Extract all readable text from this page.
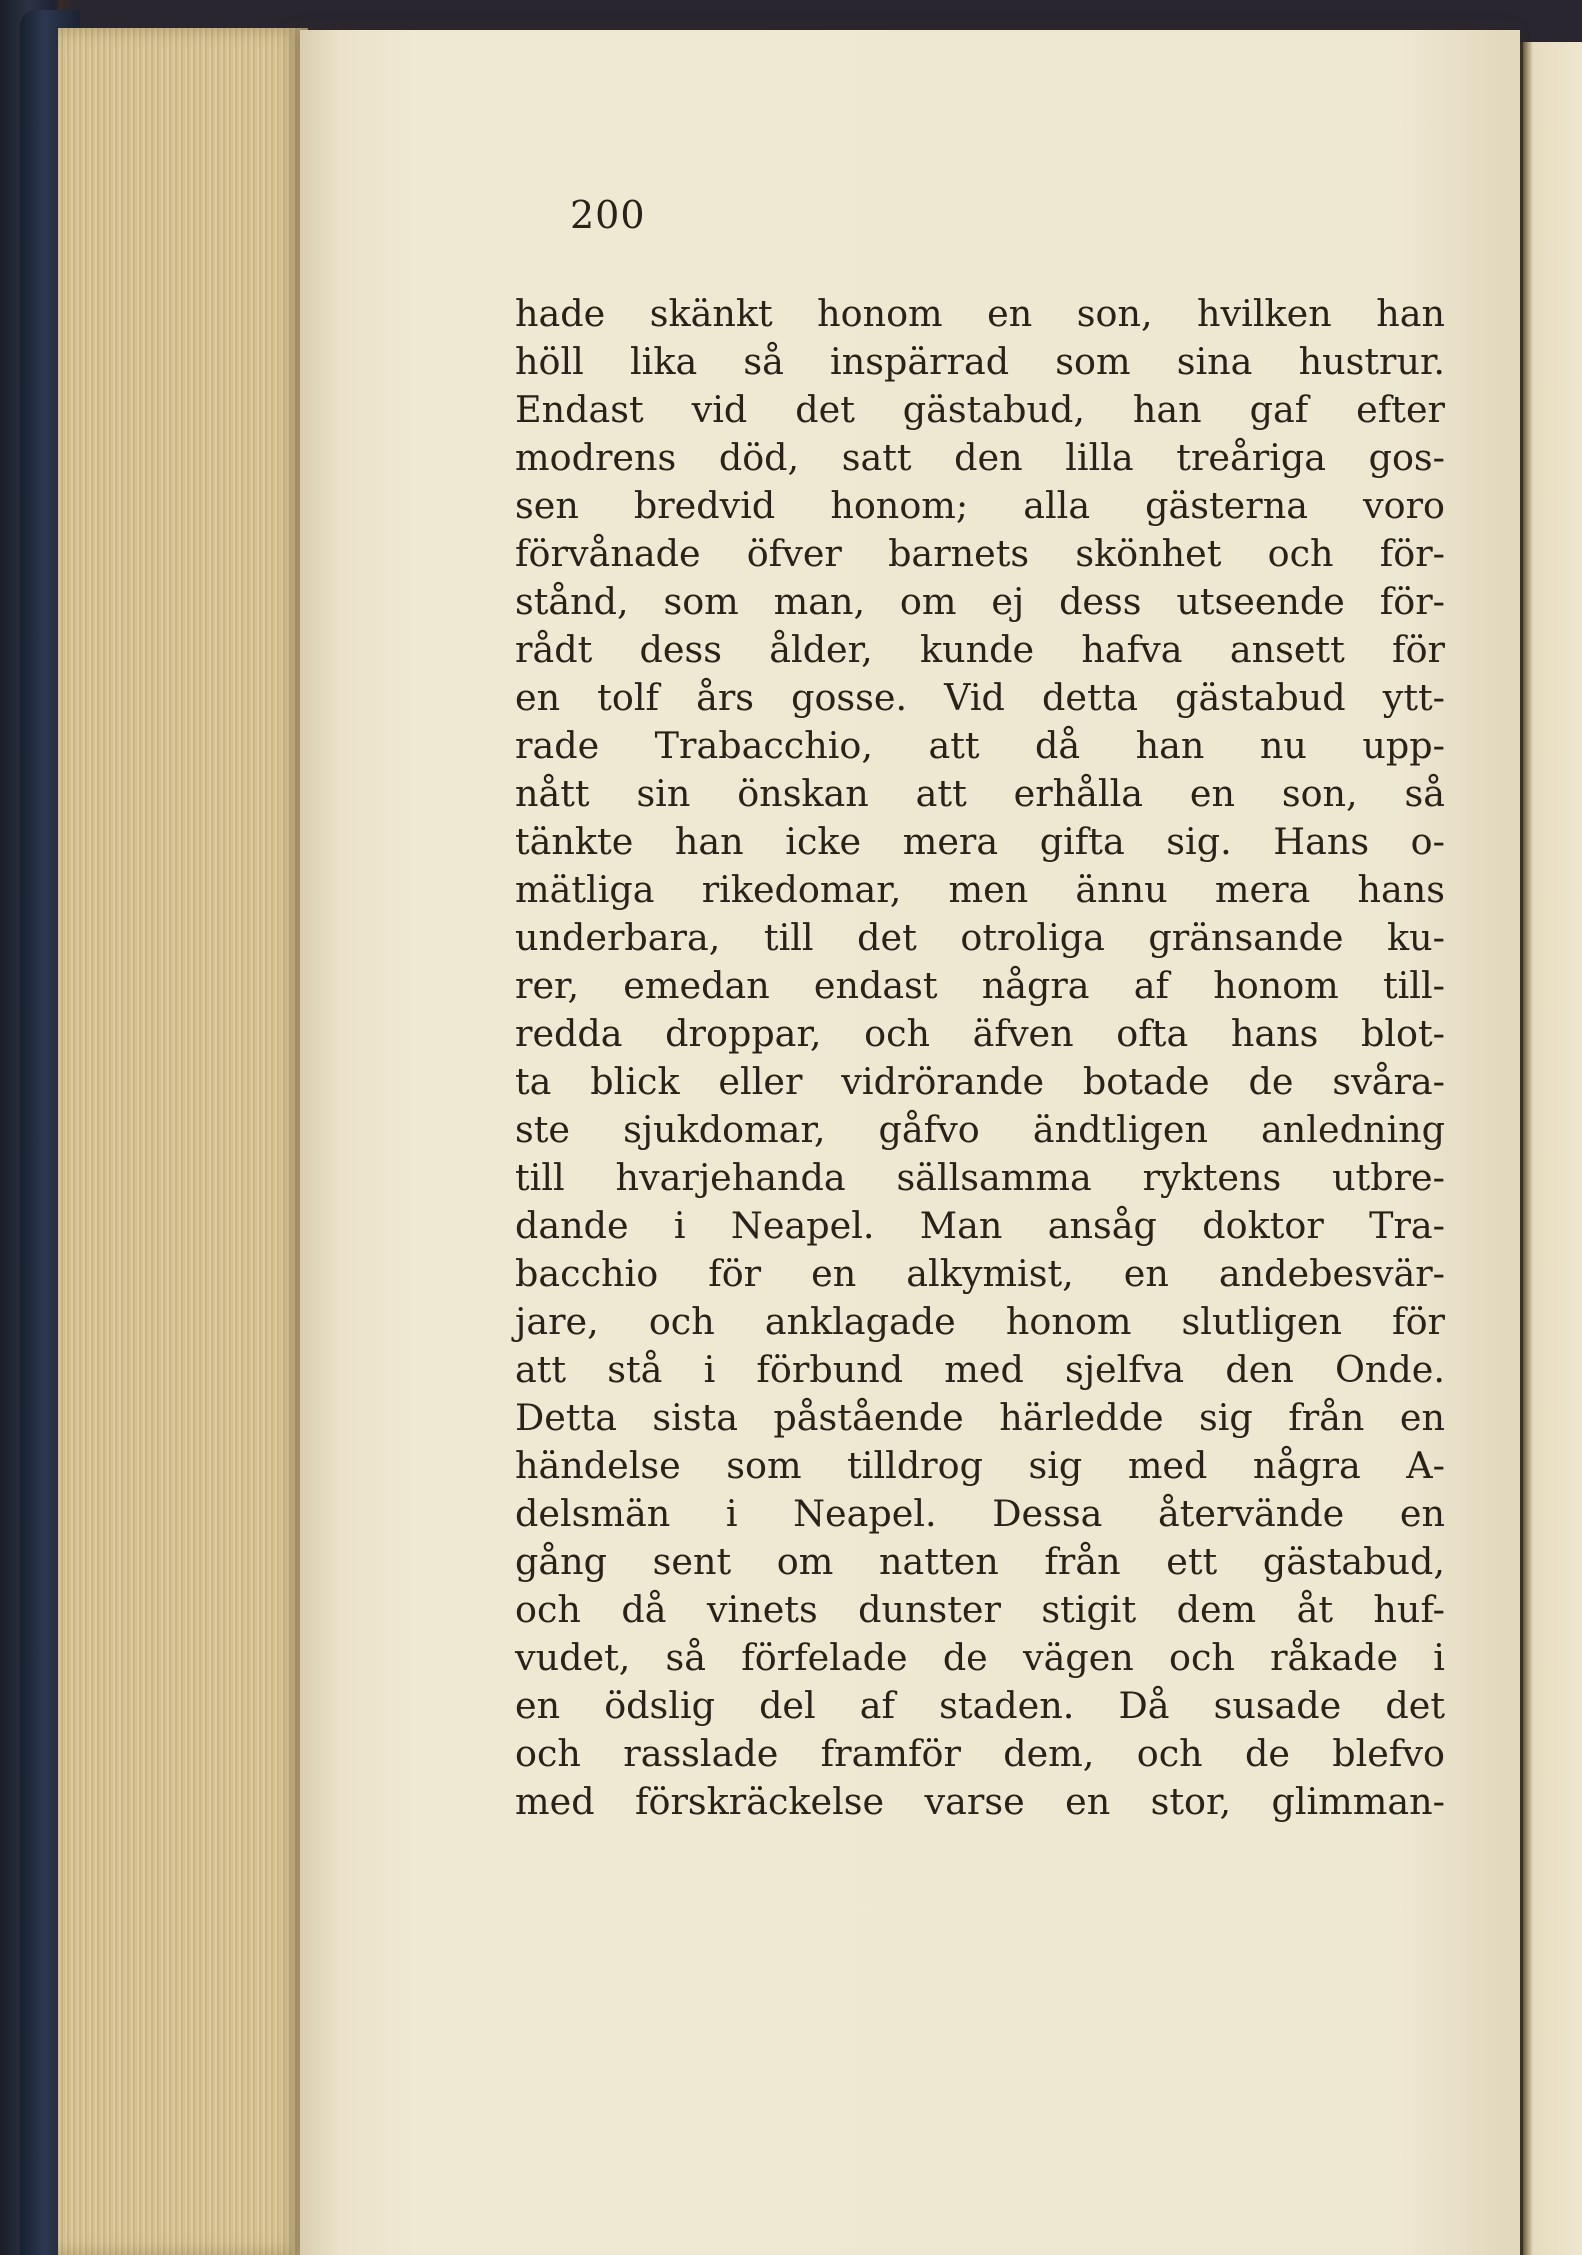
200
hade skänkt honom en son, hvilken han
höll lika så inspärrad som sina hustrur.
Endast vid det gästabud, han gaf efter
modrens död, satt den lilla treåriga gos-
sen bredvid honom; alla gästerna voro
förvånade öfver barnets skönhet och för-
stånd, som man, om ej dess utseende för-
rådt dess ålder, kunde hafva ansett för
en tolf års gosse. Vid detta gästabud ytt-
rade Trabacchio, att då han nu upp-
nått sin önskan att erhålla en son, så
tänkte han icke mera gifta sig. Hans o-
mätliga rikedomar, men ännu mera hans
underbara, till det otroliga gränsande ku-
rer, emedan endast några af honom till-
redda droppar, och äfven ofta hans blot-
ta blick eller vidrörande botade de svåra-
ste sjukdomar, gåfvo ändtligen anledning
till hvarjehanda sällsamma ryktens utbre-
dande i Neapel. Man ansåg doktor Tra-
bacchio för en alkymist, en andebesvär-
jare, och anklagade honom slutligen för
att stå i förbund med sjelfva den Onde.
Detta sista påstående härledde sig från en
händelse som tilldrog sig med några A-
delsmän i Neapel. Dessa återvände en
gång sent om natten från ett gästabud,
och då vinets dunster stigit dem åt huf-
vudet, så förfelade de vägen och råkade i
en ödslig del af staden. Då susade det
och rasslade framför dem, och de blefvo
med förskräckelse varse en stor, glimman-
